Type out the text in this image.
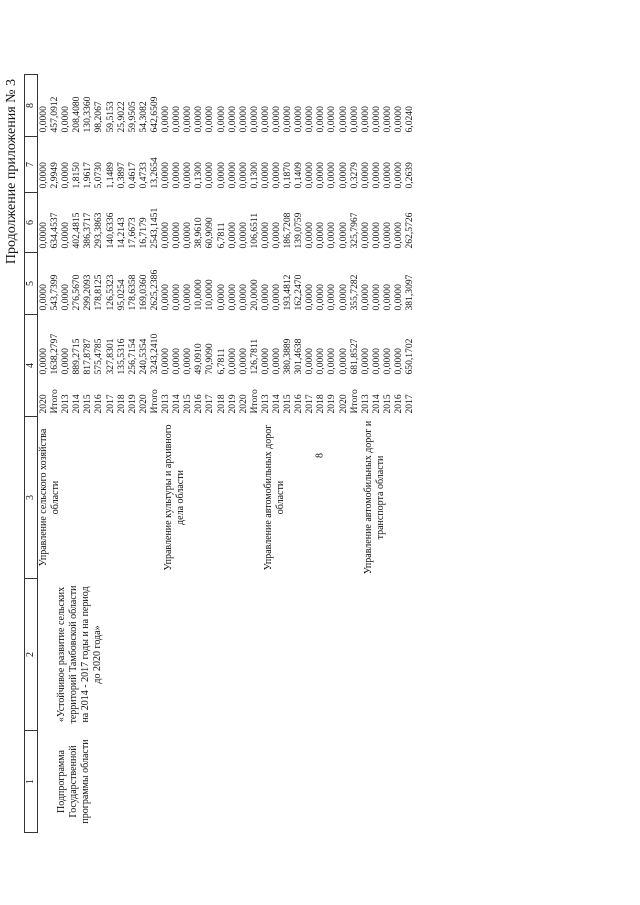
8
Продолжение приложения № 3
1	2	3	4		5	6	7	8
Подпрограмма Государственной программы области	«Устойчивое развитие сельских территорий Тамбовской области на 2014 - 2017 годы и на период до 2020 года»	Управление сельского хозяйства области	2020	0,0000	0,0000	0,0000	0,0000	0,0000
			Итого	1638,2797	543,7399	634,4537	2,9949	457,0912
			2013	0,0000	0,0000	0,0000	0,0000	0,0000
			2014	889,2715	276,5670	402,4815	1,8150	208,4080
			2015	817,8787	299,2093	386,3717	1,9617	130,3360
			2016	575,4785	178,8125	293,3863	5,0730	98,2067
			2017	327,8301	126,5323	140,6336	1,1489	59,5153
			2018	135,5316	95,0254	14,2143	0,3897	25,9022
			2019	256,7154	178,6358	17,6673	0,4617	59,9505
			2020	240,5354	169,0360	16,7179	0,4733	54,3082
			Итого	3243,2410	2625,2386	2543,1451	13,2654	642,6509
		Управление культуры и архивного дела области	2013	0,0000	0,0000	0,0000	0,0000	0,0000
			2014	0,0000	0,0000	0,0000	0,0000	0,0000
			2015	0,0000	0,0000	0,0000	0,0000	0,0000
			2016	49,0910	10,0000	38,9610	0,1300	0,0000
			2017	70,9090	10,0000	60,9090	0,0000	0,0000
			2018	6,7811	0,0000	6,7811	0,0000	0,0000
			2019	0,0000	0,0000	0,0000	0,0000	0,0000
			2020	0,0000	0,0000	0,0000	0,0000	0,0000
			Итого	126,7811	20,0000	106,6511	0,1300	0,0000
		Управление автомобильных дорог области	2013	0,0000	0,0000	0,0000	0,0000	0,0000
			2014	0,0000	0,0000	0,0000	0,0000	0,0000
			2015	380,3889	193,4812	186,7208	0,1870	0,0000
			2016	301,4638	162,2470	139,0759	0,1409	0,0000
			2017	0,0000	0,0000	0,0000	0,0000	0,0000
			2018	0,0000	0,0000	0,0000	0,0000	0,0000
			2019	0,0000	0,0000	0,0000	0,0000	0,0000
			2020	0,0000	0,0000	0,0000	0,0000	0,0000
			Итого	681,8527	355,7282	325,7967	0,3279	0,0000
		Управление автомобильных дорог и транспорта области	2013	0,0000	0,0000	0,0000	0,0000	0,0000
			2014	0,0000	0,0000	0,0000	0,0000	0,0000
			2015	0,0000	0,0000	0,0000	0,0000	0,0000
			2016	0,0000	0,0000	0,0000	0,0000	0,0000
			2017	650,1702	381,3097	262,5726	0,2639	6,0240
